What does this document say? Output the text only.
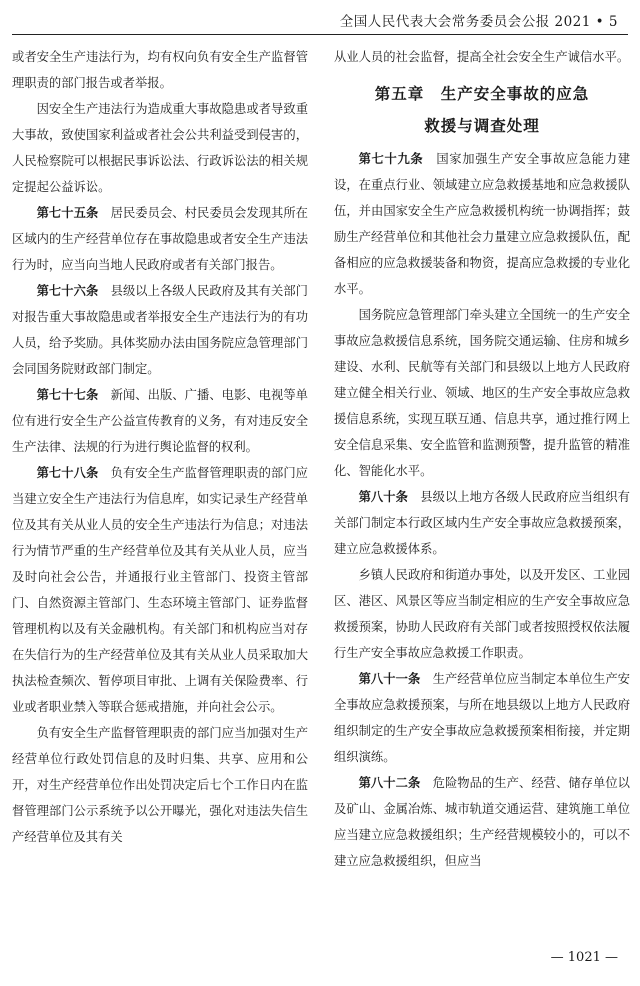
全国人民代表大会常务委员会公报 2021 • 5

或者安全生产违法行为，均有权向负有安全生产监督管理职责的部门报告或者举报。

因安全生产违法行为造成重大事故隐患或者导致重大事故，致使国家利益或者社会公共利益受到侵害的，人民检察院可以根据民事诉讼法、行政诉讼法的相关规定提起公益诉讼。

第七十五条　 居民委员会、村民委员会发现其所在区域内的生产经营单位存在事故隐患或者安全生产违法行为时，应当向当地人民政府或者有关部门报告。

第七十六条　 县级以上各级人民政府及其有关部门对报告重大事故隐患或者举报安全生产违法行为的有功人员，给予奖励。具体奖励办法由国务院应急管理部门会同国务院财政部门制定。

第七十七条　 新闻、出版、广播、电影、电视等单位有进行安全生产公益宣传教育的义务，有对违反安全生产法律、法规的行为进行舆论监督的权利。

第七十八条　 负有安全生产监督管理职责的部门应当建立安全生产违法行为信息库，如实记录生产经营单位及其有关从业人员的安全生产违法行为信息；对违法行为情节严重的生产经营单位及其有关从业人员，应当及时向社会公告，并通报行业主管部门、投资主管部门、自然资源主管部门、生态环境主管部门、证券监督管理机构以及有关金融机构。有关部门和机构应当对存在失信行为的生产经营单位及其有关从业人员采取加大执法检查频次、暂停项目审批、上调有关保险费率、行业或者职业禁入等联合惩戒措施，并向社会公示。

负有安全生产监督管理职责的部门应当加强对生产经营单位行政处罚信息的及时归集、共享、应用和公开，对生产经营单位作出处罚决定后七个工作日内在监督管理部门公示系统予以公开曝光，强化对违法失信生产经营单位及其有关

从业人员的社会监督，提高全社会安全生产诚信水平。

第五章　生产安全事故的应急
救援与调查处理

第七十九条　 国家加强生产安全事故应急能力建设，在重点行业、领域建立应急救援基地和应急救援队伍，并由国家安全生产应急救援机构统一协调指挥；鼓励生产经营单位和其他社会力量建立应急救援队伍，配备相应的应急救援装备和物资，提高应急救援的专业化水平。

国务院应急管理部门牵头建立全国统一的生产安全事故应急救援信息系统，国务院交通运输、住房和城乡建设、水利、民航等有关部门和县级以上地方人民政府建立健全相关行业、领域、地区的生产安全事故应急救援信息系统，实现互联互通、信息共享，通过推行网上安全信息采集、安全监管和监测预警，提升监管的精准化、智能化水平。

第八十条　 县级以上地方各级人民政府应当组织有关部门制定本行政区域内生产安全事故应急救援预案，建立应急救援体系。

乡镇人民政府和街道办事处，以及开发区、工业园区、港区、风景区等应当制定相应的生产安全事故应急救援预案，协助人民政府有关部门或者按照授权依法履行生产安全事故应急救援工作职责。

第八十一条　 生产经营单位应当制定本单位生产安全事故应急救援预案，与所在地县级以上地方人民政府组织制定的生产安全事故应急救援预案相衔接，并定期组织演练。

第八十二条　 危险物品的生产、经营、储存单位以及矿山、金属冶炼、城市轨道交通运营、建筑施工单位应当建立应急救援组织；生产经营规模较小的，可以不建立应急救援组织，但应当

— 1021 —
